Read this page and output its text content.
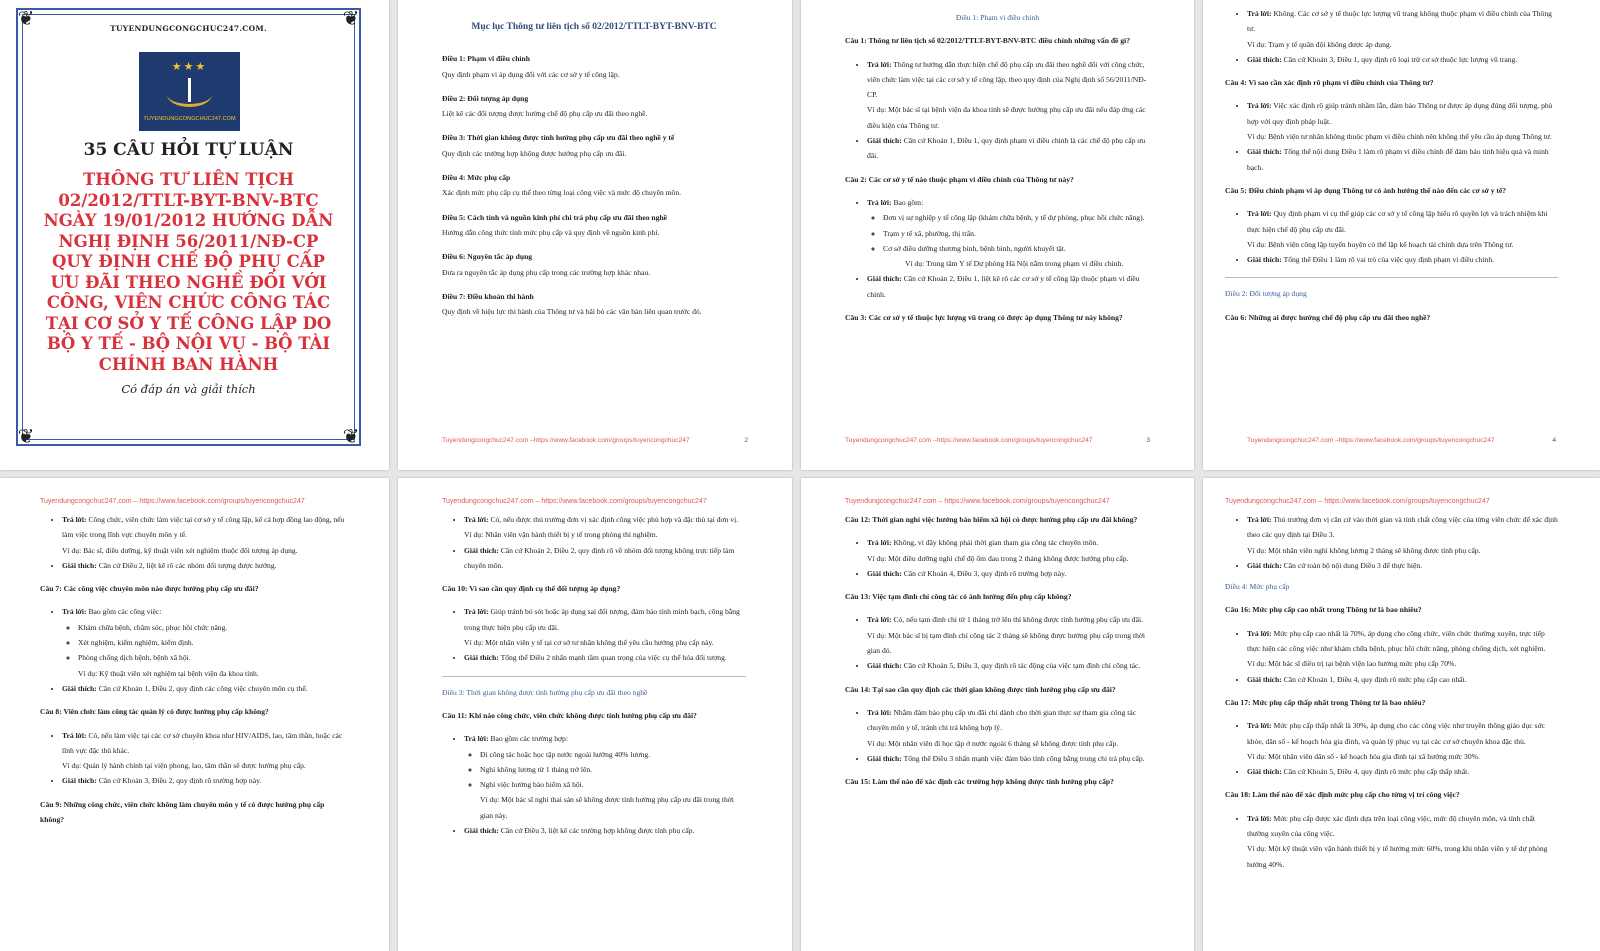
❦	❦
❦	❦
TUYENDUNGCONGCHUC247.COM.
★★★
TUYENDUNGCONGCHUC247.COM
35 CÂU HỎI TỰ LUẬN
THÔNG TƯ LIÊN TỊCH 02/2012/TTLT-BYT-BNV-BTC NGÀY 19/01/2012 HƯỚNG DẪN NGHỊ ĐỊNH 56/2011/NĐ-CP QUY ĐỊNH CHẾ ĐỘ PHỤ CẤP ƯU ĐÃI THEO NGHỀ ĐỐI VỚI CÔNG, VIÊN CHỨC CÔNG TÁC TẠI CƠ SỞ Y TẾ CÔNG LẬP DO BỘ Y TẾ - BỘ NỘI VỤ - BỘ TÀI CHÍNH BAN HÀNH
Có đáp án và giải thích
Mục lục Thông tư liên tịch số 02/2012/TTLT-BYT-BNV-BTC
Điều 1: Phạm vi điều chỉnh
Quy định phạm vi áp dụng đối với các cơ sở y tế công lập.
Điều 2: Đối tượng áp dụng
Liệt kê các đối tượng được hưởng chế độ phụ cấp ưu đãi theo nghề.
Điều 3: Thời gian không được tính hưởng phụ cấp ưu đãi theo nghề y tế
Quy định các trường hợp không được hưởng phụ cấp ưu đãi.
Điều 4: Mức phụ cấp
Xác định mức phụ cấp cụ thể theo từng loại công việc và mức độ chuyên môn.
Điều 5: Cách tính và nguồn kinh phí chi trả phụ cấp ưu đãi theo nghề
Hướng dẫn công thức tính mức phụ cấp và quy định về nguồn kinh phí.
Điều 6: Nguyên tắc áp dụng
Đưa ra nguyên tắc áp dụng phụ cấp trong các trường hợp khác nhau.
Điều 7: Điều khoản thi hành
Quy định về hiệu lực thi hành của Thông tư và bãi bỏ các văn bản liên quan trước đó.
Tuyendungcongchuc247.com –https://www.facebook.com/groups/tuyencongchuc247	2
Điều 1: Phạm vi điều chỉnh
Câu 1: Thông tư liên tịch số 02/2012/TTLT-BYT-BNV-BTC điều chỉnh những vấn đề gì?
• Trả lời: Thông tư hướng dẫn thực hiện chế độ phụ cấp ưu đãi theo nghề đối với công chức, viên chức làm việc tại các cơ sở y tế công lập, theo quy định của Nghị định số 56/2011/NĐ-CP.
Ví dụ: Một bác sĩ tại bệnh viện đa khoa tỉnh sẽ được hưởng phụ cấp ưu đãi nếu đáp ứng các điều kiện của Thông tư.
• Giải thích: Căn cứ Khoản 1, Điều 1, quy định phạm vi điều chỉnh là các chế độ phụ cấp ưu đãi.
Câu 2: Các cơ sở y tế nào thuộc phạm vi điều chỉnh của Thông tư này?
• Trả lời: Bao gồm:
◦ Đơn vị sự nghiệp y tế công lập (khám chữa bệnh, y tế dự phòng, phục hồi chức năng).
◦ Trạm y tế xã, phường, thị trấn.
◦ Cơ sở điều dưỡng thương binh, bệnh binh, người khuyết tật.
Ví dụ: Trung tâm Y tế Dự phòng Hà Nội nằm trong phạm vi điều chỉnh.
• Giải thích: Căn cứ Khoản 2, Điều 1, liệt kê rõ các cơ sở y tế công lập thuộc phạm vi điều chỉnh.
Câu 3: Các cơ sở y tế thuộc lực lượng vũ trang có được áp dụng Thông tư này không?
Tuyendungcongchuc247.com –https://www.facebook.com/groups/tuyencongchuc247	3
• Trả lời: Không. Các cơ sở y tế thuộc lực lượng vũ trang không thuộc phạm vi điều chỉnh của Thông tư.
Ví dụ: Trạm y tế quân đội không được áp dụng.
• Giải thích: Căn cứ Khoản 3, Điều 1, quy định rõ loại trừ cơ sở thuộc lực lượng vũ trang.
Câu 4: Vì sao cần xác định rõ phạm vi điều chỉnh của Thông tư?
• Trả lời: Việc xác định rõ giúp tránh nhầm lẫn, đảm bảo Thông tư được áp dụng đúng đối tượng, phù hợp với quy định pháp luật.
Ví dụ: Bệnh viện tư nhân không thuộc phạm vi điều chỉnh nên không thể yêu cầu áp dụng Thông tư.
• Giải thích: Tổng thể nội dung Điều 1 làm rõ phạm vi điều chỉnh để đảm bảo tính hiệu quả và minh bạch.
Câu 5: Điều chỉnh phạm vi áp dụng Thông tư có ảnh hưởng thế nào đến các cơ sở y tế?
• Trả lời: Quy định phạm vi cụ thể giúp các cơ sở y tế công lập hiểu rõ quyền lợi và trách nhiệm khi thực hiện chế độ phụ cấp ưu đãi.
Ví dụ: Bệnh viện công lập tuyến huyện có thể lập kế hoạch tài chính dựa trên Thông tư.
• Giải thích: Tổng thể Điều 1 làm rõ vai trò của việc quy định phạm vi điều chỉnh.
Điều 2: Đối tượng áp dụng
Câu 6: Những ai được hưởng chế độ phụ cấp ưu đãi theo nghề?
Tuyendungcongchuc247.com –https://www.facebook.com/groups/tuyencongchuc247	4
Tuyendungcongchuc247.com – https://www.facebook.com/groups/tuyencongchuc247
• Trả lời: Công chức, viên chức làm việc tại cơ sở y tế công lập, kể cả hợp đồng lao động, nếu làm việc trong lĩnh vực chuyên môn y tế.
Ví dụ: Bác sĩ, điều dưỡng, kỹ thuật viên xét nghiệm thuộc đối tượng áp dụng.
• Giải thích: Căn cứ Điều 2, liệt kê rõ các nhóm đối tượng được hưởng.
Câu 7: Các công việc chuyên môn nào được hưởng phụ cấp ưu đãi?
• Trả lời: Bao gồm các công việc:
◦ Khám chữa bệnh, chăm sóc, phục hồi chức năng.
◦ Xét nghiệm, kiểm nghiệm, kiểm định.
◦ Phòng chống dịch bệnh, bệnh xã hội.
Ví dụ: Kỹ thuật viên xét nghiệm tại bệnh viện đa khoa tỉnh.
• Giải thích: Căn cứ Khoản 1, Điều 2, quy định các công việc chuyên môn cụ thể.
Câu 8: Viên chức làm công tác quản lý có được hưởng phụ cấp không?
• Trả lời: Có, nếu làm việc tại các cơ sở chuyên khoa như HIV/AIDS, lao, tâm thần, hoặc các lĩnh vực đặc thù khác.
Ví dụ: Quản lý hành chính tại viện phong, lao, tâm thần sẽ được hưởng phụ cấp.
• Giải thích: Căn cứ Khoản 3, Điều 2, quy định rõ trường hợp này.
Câu 9: Những công chức, viên chức không làm chuyên môn y tế có được hưởng phụ cấp không?
Tuyendungcongchuc247.com – https://www.facebook.com/groups/tuyencongchuc247
• Trả lời: Có, nếu được thủ trưởng đơn vị xác định công việc phù hợp và đặc thù tại đơn vị.
Ví dụ: Nhân viên vận hành thiết bị y tế trong phòng thí nghiệm.
• Giải thích: Căn cứ Khoản 2, Điều 2, quy định rõ về nhóm đối tượng không trực tiếp làm chuyên môn.
Câu 10: Vì sao cần quy định cụ thể đối tượng áp dụng?
• Trả lời: Giúp tránh bỏ sót hoặc áp dụng sai đối tượng, đảm bảo tính minh bạch, công bằng trong thực hiện phụ cấp ưu đãi.
Ví dụ: Một nhân viên y tế tại cơ sở tư nhân không thể yêu cầu hưởng phụ cấp này.
• Giải thích: Tổng thể Điều 2 nhấn mạnh tầm quan trọng của việc cụ thể hóa đối tượng.
Điều 3: Thời gian không được tính hưởng phụ cấp ưu đãi theo nghề
Câu 11: Khi nào công chức, viên chức không được tính hưởng phụ cấp ưu đãi?
• Trả lời: Bao gồm các trường hợp:
◦ Đi công tác hoặc học tập nước ngoài hưởng 40% lương.
◦ Nghỉ không lương từ 1 tháng trở lên.
◦ Nghỉ việc hưởng bảo hiểm xã hội.
Ví dụ: Một bác sĩ nghỉ thai sản sẽ không được tính hưởng phụ cấp ưu đãi trong thời gian này.
• Giải thích: Căn cứ Điều 3, liệt kê các trường hợp không được tính phụ cấp.
Tuyendungcongchuc247.com – https://www.facebook.com/groups/tuyencongchuc247
Câu 12: Thời gian nghỉ việc hưởng bảo hiểm xã hội có được hưởng phụ cấp ưu đãi không?
• Trả lời: Không, vì đây không phải thời gian tham gia công tác chuyên môn.
Ví dụ: Một điều dưỡng nghỉ chế độ ốm đau trong 2 tháng không được hưởng phụ cấp.
• Giải thích: Căn cứ Khoản 4, Điều 3, quy định rõ trường hợp này.
Câu 13: Việc tạm đình chỉ công tác có ảnh hưởng đến phụ cấp không?
• Trả lời: Có, nếu tạm đình chỉ từ 1 tháng trở lên thì không được tính hưởng phụ cấp ưu đãi.
Ví dụ: Một bác sĩ bị tạm đình chỉ công tác 2 tháng sẽ không được hưởng phụ cấp trong thời gian đó.
• Giải thích: Căn cứ Khoản 5, Điều 3, quy định rõ tác động của việc tạm đình chỉ công tác.
Câu 14: Tại sao cần quy định các thời gian không được tính hưởng phụ cấp ưu đãi?
• Trả lời: Nhằm đảm bảo phụ cấp ưu đãi chỉ dành cho thời gian thực sự tham gia công tác chuyên môn y tế, tránh chi trả không hợp lý.
Ví dụ: Một nhân viên đi học tập ở nước ngoài 6 tháng sẽ không được tính phụ cấp.
• Giải thích: Tổng thể Điều 3 nhấn mạnh việc đảm bảo tính công bằng trong chi trả phụ cấp.
Câu 15: Làm thế nào để xác định các trường hợp không được tính hưởng phụ cấp?
Tuyendungcongchuc247.com – https://www.facebook.com/groups/tuyencongchuc247
• Trả lời: Thủ trưởng đơn vị căn cứ vào thời gian và tính chất công việc của từng viên chức để xác định theo các quy định tại Điều 3.
Ví dụ: Một nhân viên nghỉ không lương 2 tháng sẽ không được tính phụ cấp.
• Giải thích: Căn cứ toàn bộ nội dung Điều 3 để thực hiện.
Điều 4: Mức phụ cấp
Câu 16: Mức phụ cấp cao nhất trong Thông tư là bao nhiêu?
• Trả lời: Mức phụ cấp cao nhất là 70%, áp dụng cho công chức, viên chức thường xuyên, trực tiếp thực hiện các công việc như khám chữa bệnh, phục hồi chức năng, phòng chống dịch, xét nghiệm.
Ví dụ: Một bác sĩ điều trị tại bệnh viện lao hưởng mức phụ cấp 70%.
• Giải thích: Căn cứ Khoản 1, Điều 4, quy định rõ mức phụ cấp cao nhất.
Câu 17: Mức phụ cấp thấp nhất trong Thông tư là bao nhiêu?
• Trả lời: Mức phụ cấp thấp nhất là 30%, áp dụng cho các công việc như truyền thông giáo dục sức khỏe, dân số - kế hoạch hóa gia đình, và quản lý phục vụ tại các cơ sở chuyên khoa đặc thù.
Ví dụ: Một nhân viên dân số - kế hoạch hóa gia đình tại xã hưởng mức 30%.
• Giải thích: Căn cứ Khoản 5, Điều 4, quy định rõ mức phụ cấp thấp nhất.
Câu 18: Làm thế nào để xác định mức phụ cấp cho từng vị trí công việc?
• Trả lời: Mức phụ cấp được xác định dựa trên loại công việc, mức độ chuyên môn, và tính chất thường xuyên của công việc.
Ví dụ: Một kỹ thuật viên vận hành thiết bị y tế hưởng mức 60%, trong khi nhân viên y tế dự phòng hưởng 40%.
